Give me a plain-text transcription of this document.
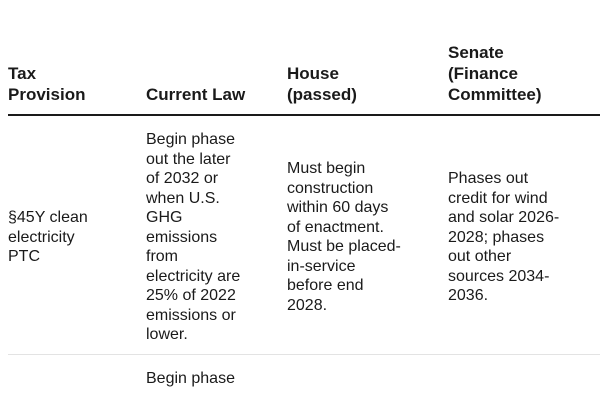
Tax
Provision	Current Law
House
(passed)
Senate
(Finance
Committee)
§45Y clean
electricity
PTC
Begin phase
out the later
of 2032 or
when U.S.
GHG
emissions
from
electricity are
25% of 2022
emissions or
lower.
Must begin
construction
within 60 days
of enactment.
Must be placed-
in-service
before end
2028.
Phases out
credit for wind
and solar 2026-
2028; phases
out other
sources 2034-
2036.
Begin phase
